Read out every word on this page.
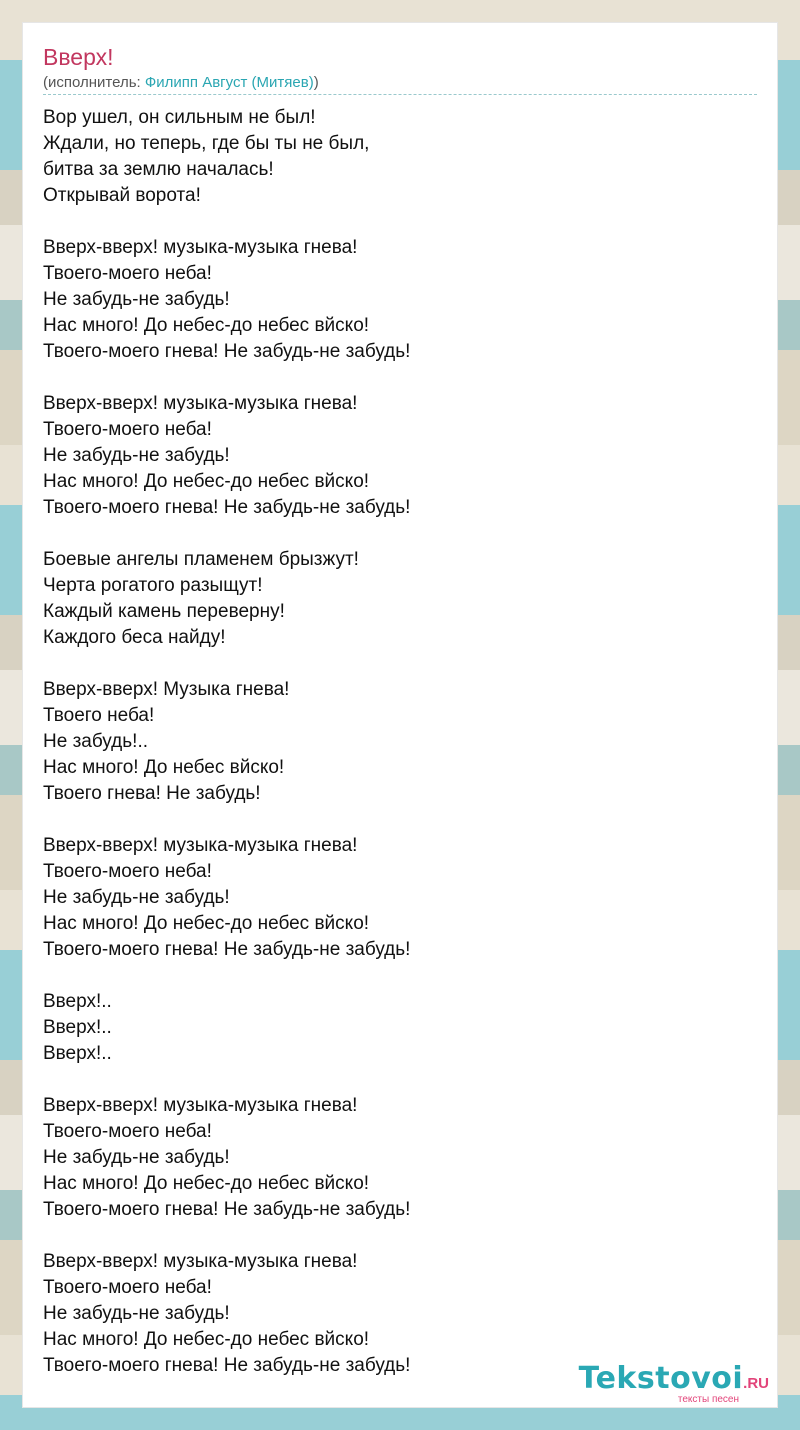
Вверх!
(исполнитель: Филипп Август (Митяев))
Вор ушел, он сильным не был!
Ждали, но теперь, где бы ты не был,
битва за землю началась!
Открывай ворота!
Вверх-вверх! музыка-музыка гнева!
Твоего-моего неба!
Не забудь-не забудь!
Нас много! До небес-до небес вйско!
Твоего-моего гнева! Не забудь-не забудь!
Вверх-вверх! музыка-музыка гнева!
Твоего-моего неба!
Не забудь-не забудь!
Нас много! До небес-до небес вйско!
Твоего-моего гнева! Не забудь-не забудь!
Боевые ангелы пламенем брызжут!
Черта рогатого разыщут!
Каждый камень переверну!
Каждого беса найду!
Вверх-вверх! Музыка гнева!
Твоего неба!
Не забудь!..
Нас много! До небес вйско!
Твоего гнева! Не забудь!
Вверх-вверх! музыка-музыка гнева!
Твоего-моего неба!
Не забудь-не забудь!
Нас много! До небес-до небес вйско!
Твоего-моего гнева! Не забудь-не забудь!
Вверх!..
Вверх!..
Вверх!..
Вверх-вверх! музыка-музыка гнева!
Твоего-моего неба!
Не забудь-не забудь!
Нас много! До небес-до небес вйско!
Твоего-моего гнева! Не забудь-не забудь!
Вверх-вверх! музыка-музыка гнева!
Твоего-моего неба!
Не забудь-не забудь!
Нас много! До небес-до небес вйско!
Твоего-моего гнева! Не забудь-не забудь!	Tekstovoi.RU
тексты песен
